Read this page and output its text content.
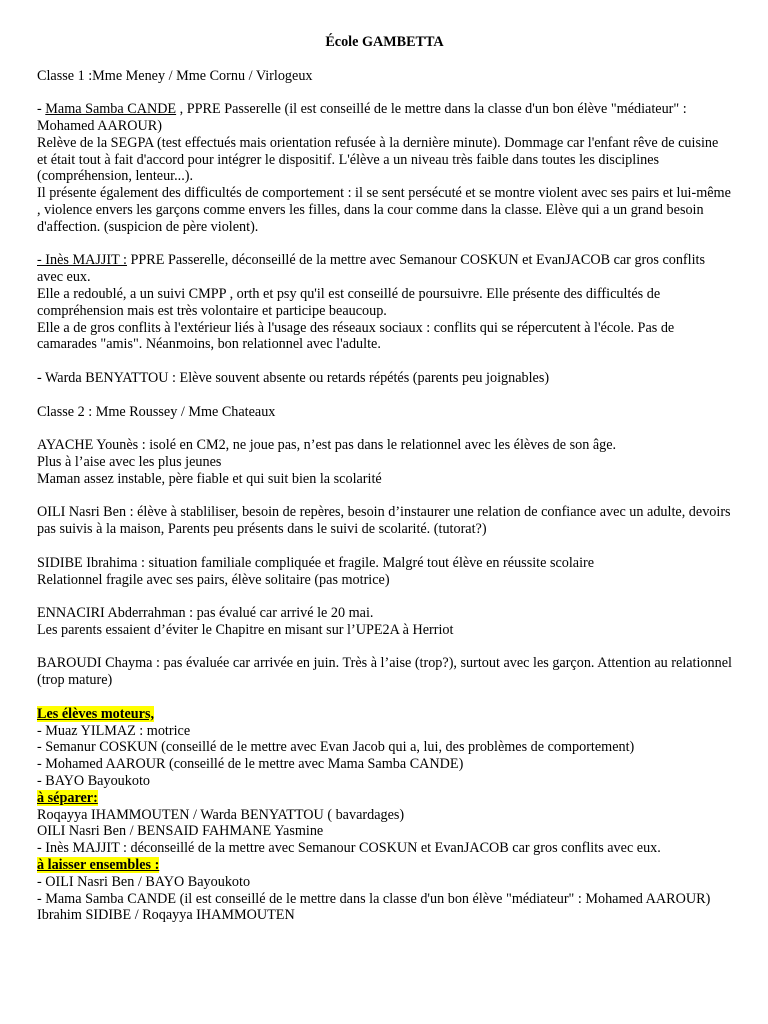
École GAMBETTA

Classe 1 :Mme Meney / Mme Cornu / Virlogeux

- Mama Samba CANDE , PPRE Passerelle (il est conseillé de le mettre dans la classe d'un bon élève "médiateur" : Mohamed AAROUR)

Relève de la SEGPA (test effectués mais orientation refusée à la dernière minute). Dommage car l'enfant rêve de cuisine et était tout à fait d'accord pour intégrer le dispositif. L'élève a un niveau très faible dans toutes les disciplines (compréhension, lenteur...).

Il présente également des difficultés de comportement : il se sent persécuté et se montre violent avec ses pairs et lui-même , violence envers les garçons comme envers les filles, dans la cour comme dans la classe. Elève qui a un grand besoin d'affection. (suspicion de père violent).

- Inès MAJJIT : PPRE Passerelle, déconseillé de la mettre avec Semanour COSKUN et EvanJACOB car gros conflits avec eux.

Elle a redoublé, a un suivi CMPP , orth et psy qu'il est conseillé de poursuivre. Elle présente des difficultés de compréhension mais est très volontaire et participe beaucoup.

Elle a de gros conflits à l'extérieur liés à l'usage des réseaux sociaux : conflits qui se répercutent à l'école. Pas de camarades "amis". Néanmoins, bon relationnel avec l'adulte.

- Warda BENYATTOU : Elève souvent absente ou retards répétés (parents peu joignables)

Classe 2 : Mme Roussey / Mme Chateaux

AYACHE Younès : isolé en CM2, ne joue pas, n’est pas dans le relationnel avec les élèves de son âge.

Plus à l’aise avec les plus jeunes

Maman assez instable, père fiable et qui suit bien la scolarité

OILI Nasri Ben : élève à stabliliser, besoin de repères, besoin d’instaurer une relation de confiance avec un adulte, devoirs pas suivis à la maison, Parents peu présents dans le suivi de scolarité. (tutorat?)

SIDIBE Ibrahima : situation familiale compliquée et fragile. Malgré tout élève en réussite scolaire

Relationnel fragile avec ses pairs, élève solitaire (pas motrice)

ENNACIRI Abderrahman : pas évalué car arrivé le 20 mai.

Les parents essaient d’éviter le Chapitre en misant sur l’UPE2A à Herriot

BAROUDI Chayma : pas évaluée car arrivée en juin. Très à l’aise (trop?), surtout avec les garçon. Attention au relationnel (trop mature)

Les élèves moteurs,

- Muaz YILMAZ : motrice

- Semanur COSKUN (conseillé de le mettre avec Evan Jacob qui a, lui, des problèmes de comportement)

- Mohamed AAROUR (conseillé de le mettre avec Mama Samba CANDE)

- BAYO Bayoukoto

à séparer:

Roqayya IHAMMOUTEN / Warda BENYATTOU ( bavardages)

OILI Nasri Ben / BENSAID FAHMANE Yasmine

- Inès MAJJIT : déconseillé de la mettre avec Semanour COSKUN et EvanJACOB car gros conflits avec eux.

à laisser ensembles :

- OILI Nasri Ben / BAYO Bayoukoto

- Mama Samba CANDE (il est conseillé de le mettre dans la classe d'un bon élève "médiateur" : Mohamed AAROUR)

Ibrahim SIDIBE / Roqayya IHAMMOUTEN
